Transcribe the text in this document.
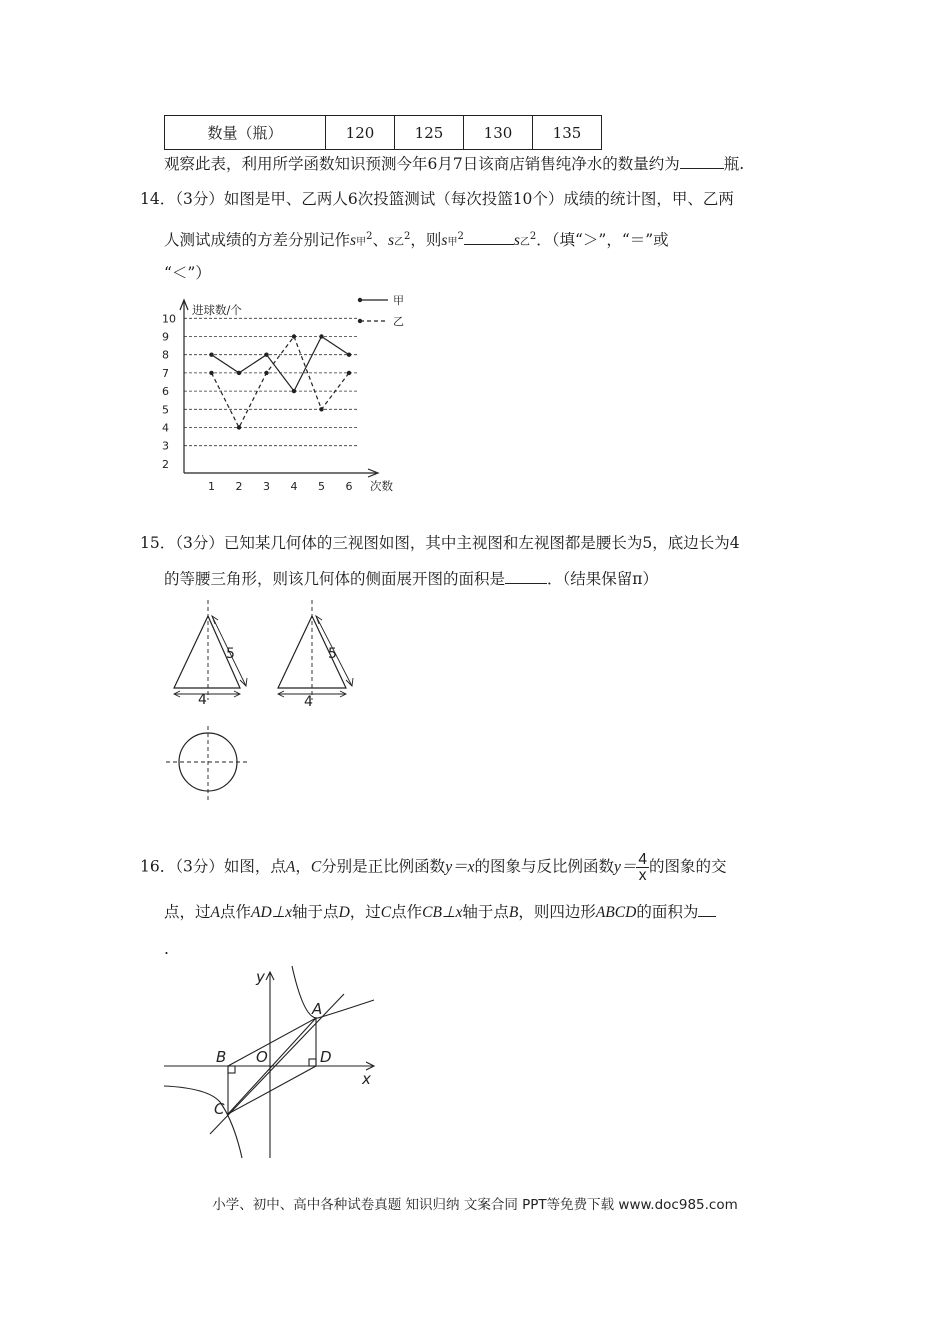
数量（瓶）	120	125	130	135
观察此表，利用所学函数知识预测今年6月7日该商店销售纯净水的数量约为	瓶.
14．（3分）如图是甲、乙两人6次投篮测试（每次投篮10个）成绩的统计图，甲、乙两
人测试成绩的方差分别记作s甲$^2$、s乙$^2$，则s甲$^2$	s乙$^2$．（填“＞”，“＝”或
“＜”）
2
3
4
5
6
7
8
9
10
1 2 3 4 5 6
甲
乙
进球数/个
次数
15．（3分）已知某几何体的三视图如图，其中主视图和左视图都是腰长为5，底边长为4
的等腰三角形，则该几何体的侧面展开图的面积是	．（结果保留π）
5
4
5
4
16．（3分）如图，点A，C分别是正比例函数y＝x的图象与反比例函数$y= \frac{4}{x}$ 的图象的交
点，过A点作AD⊥x轴于点D，过C点作CB⊥x轴于点B，则四边形ABCD的面积为
.
y
x
O
A
B
C
D
小学、初中、高中各种试卷真题 知识归纳 文案合同 PPT等免费下载 www.doc985.com
